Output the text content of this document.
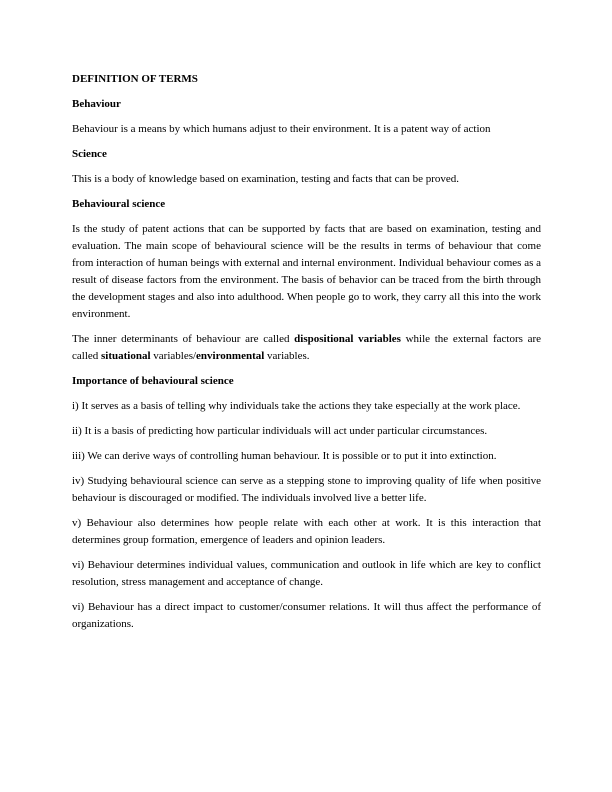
DEFINITION OF TERMS
Behaviour
Behaviour is a means by which humans adjust to their environment. It is a patent way of action
Science
This is a body of knowledge based on examination, testing and facts that can be proved.
Behavioural science
Is the study of patent actions that can be supported by facts that are based on examination, testing and evaluation. The main scope of behavioural science will be the results in terms of behaviour that come from interaction of human beings with external and internal environment. Individual behaviour comes as a result of disease factors from the environment. The basis of behavior can be traced from the birth through the development stages and also into adulthood. When people go to work, they carry all this into the work environment.
The inner determinants of behaviour are called dispositional variables while the external factors are called situational variables/environmental variables.
Importance of behavioural science
i) It serves as a basis of telling why individuals take the actions they take especially at the work place.
ii) It is a basis of predicting how particular individuals will act under particular circumstances.
iii) We can derive ways of controlling human behaviour. It is possible or to put it into extinction.
iv) Studying behavioural science can serve as a stepping stone to improving quality of life when positive behaviour is discouraged or modified. The individuals involved live a better life.
v) Behaviour also determines how people relate with each other at work. It is this interaction that determines group formation, emergence of leaders and opinion leaders.
vi) Behaviour determines individual values, communication and outlook in life which are key to conflict resolution, stress management and acceptance of change.
vi) Behaviour has a direct impact to customer/consumer relations. It will thus affect the performance of organizations.
